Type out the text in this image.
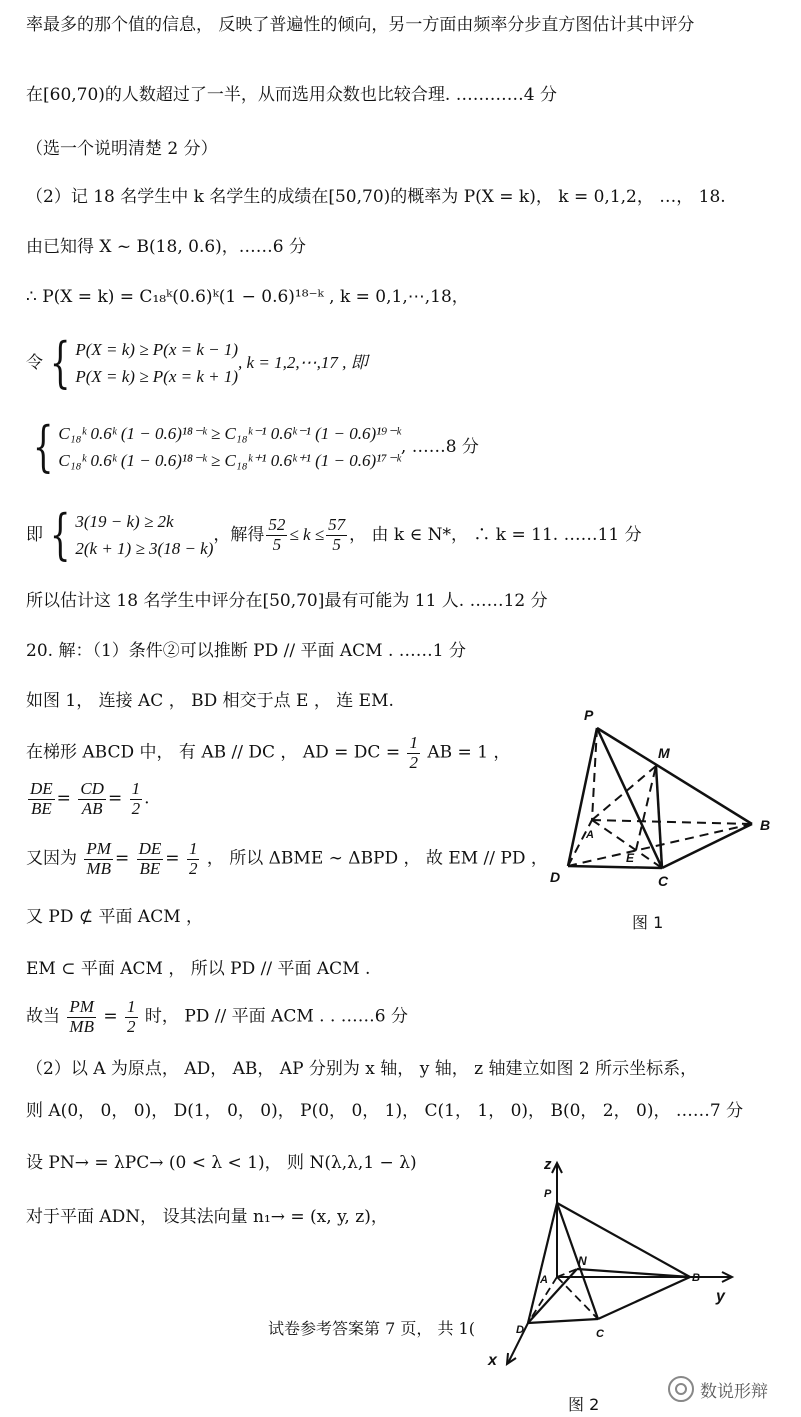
率最多的那个值的信息， 反映了普遍性的倾向，另一方面由频率分步直方图估计其中评分
在[60,70)的人数超过了一半，从而选用众数也比较合理. …………4 分
（选一个说明清楚 2 分）
（2）记 18 名学生中 k 名学生的成绩在[50,70)的概率为 P(X = k)， k = 0,1,2， …， 18.
由已知得 X ~ B(18, 0.6)，……6 分
∴ P(X = k) = C₁₈ᵏ(0.6)ᵏ(1 − 0.6)¹⁸⁻ᵏ , k = 0,1,⋯,18，
令 { P(X = k) ≥ P(x = k − 1)
P(X = k) ≥ P(x = k + 1)
, k = 1,2,⋯,17 , 即
{ C₁₈ᵏ 0.6ᵏ (1 − 0.6)¹⁸⁻ᵏ ≥ C₁₈ᵏ⁻¹ 0.6ᵏ⁻¹ (1 − 0.6)¹⁹⁻ᵏ
C₁₈ᵏ 0.6ᵏ (1 − 0.6)¹⁸⁻ᵏ ≥ C₁₈ᵏ⁺¹ 0.6ᵏ⁺¹ (1 − 0.6)¹⁷⁻ᵏ
, ……8 分
即 { 3(19 − k) ≥ 2k
2(k + 1) ≥ 3(18 − k)
，解得 $\frac{52}{5} \le k \le \frac{57}{5}$ ， 由 k ∈ N*， ∴ k = 11. ……11 分
所以估计这 18 名学生中评分在[50,70]最有可能为 11 人. ……12 分
20. 解：（1）条件②可以推断 PD // 平面 ACM . ……1 分
如图 1， 连接 AC ， BD 相交于点 E ， 连 EM.
在梯形 ABCD 中， 有 AB // DC ， AD = DC = $\frac{1}{2}$ AB = 1 ，
$\frac{DE}{BE} = \frac{CD}{AB} = \frac{1}{2}$ .
又因为 $\frac{PM}{MB} = \frac{DE}{BE} = \frac{1}{2}$ ， 所以 ΔBME ∼ ΔBPD ， 故 EM // PD ，
又 PD ⊄ 平面 ACM ，
EM ⊂ 平面 ACM ， 所以 PD // 平面 ACM .
故当 $\frac{PM}{MB} = \frac{1}{2}$ 时， PD // 平面 ACM . . ……6 分
（2）以 A 为原点， AD， AB， AP 分别为 x 轴， y 轴， z 轴建立如图 2 所示坐标系，
则 A(0， 0， 0)， D(1， 0， 0)， P(0， 0， 1)， C(1， 1， 0)， B(0， 2， 0)， ……7 分
设 PN→ = λPC→ (0 < λ < 1)， 则 N(λ,λ,1 − λ)
对于平面 ADN， 设其法向量 n₁→ = (x, y, z)，
P
M
A
B
E
D	C
图 1
z
P
N
A	B
D	C
x
y
图 2
试卷参考答案第 7 页， 共 1(
数说形辩
